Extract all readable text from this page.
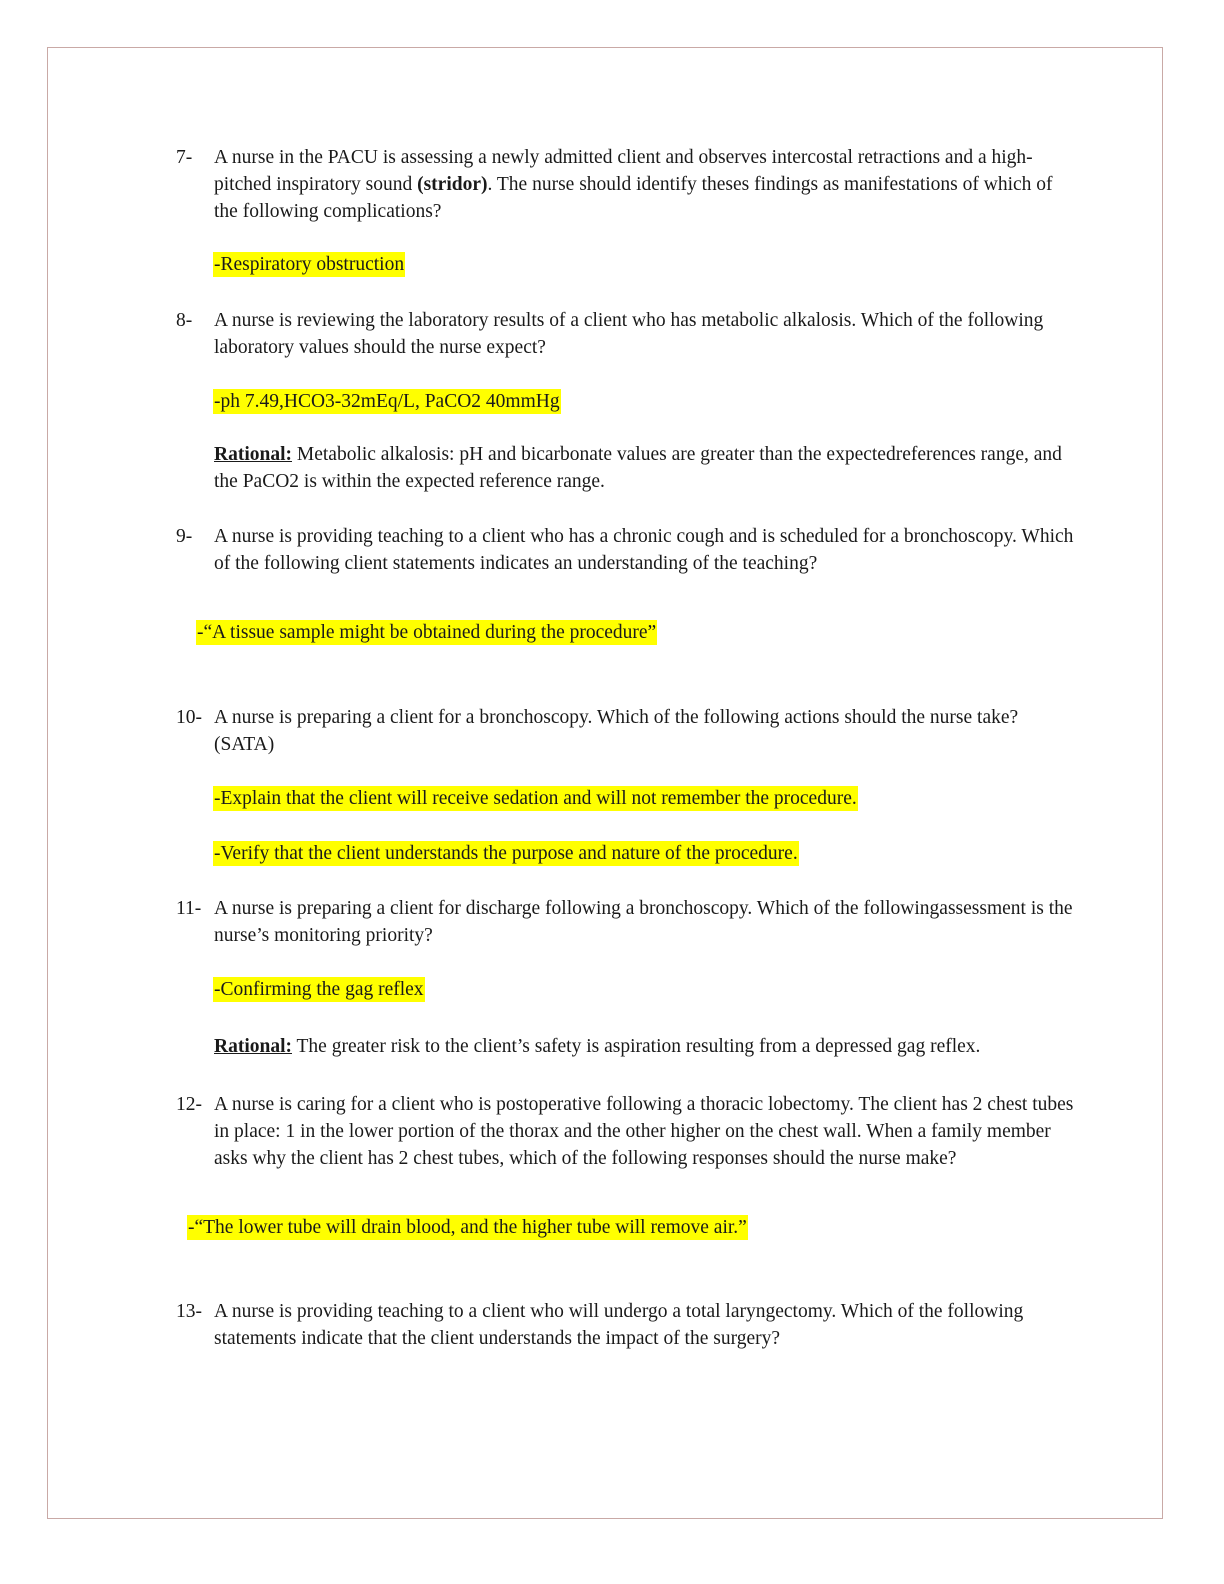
7- A nurse in the PACU is assessing a newly admitted client and observes intercostal retractions and a high-pitched inspiratory sound (stridor). The nurse should identify theses findings as manifestations of which of the following complications?
-Respiratory obstruction
8- A nurse is reviewing the laboratory results of a client who has metabolic alkalosis. Which of the following laboratory values should the nurse expect?
-ph 7.49,HCO3-32mEq/L, PaCO2 40mmHg
Rational: Metabolic alkalosis: pH and bicarbonate values are greater than the expectedreferences range, and the PaCO2 is within the expected reference range.
9- A nurse is providing teaching to a client who has a chronic cough and is scheduled for a bronchoscopy. Which of the following client statements indicates an understanding of the teaching?
-“A tissue sample might be obtained during the procedure”
10- A nurse is preparing a client for a bronchoscopy. Which of the following actions should the nurse take? (SATA)
-Explain that the client will receive sedation and will not remember the procedure.
-Verify that the client understands the purpose and nature of the procedure.
11- A nurse is preparing a client for discharge following a bronchoscopy. Which of the followingassessment is the nurse’s monitoring priority?
-Confirming the gag reflex
Rational: The greater risk to the client’s safety is aspiration resulting from a depressed gag reflex.
12- A nurse is caring for a client who is postoperative following a thoracic lobectomy. The client has 2 chest tubes in place: 1 in the lower portion of the thorax and the other higher on the chest wall. When a family member asks why the client has 2 chest tubes, which of the following responses should the nurse make?
-“The lower tube will drain blood, and the higher tube will remove air.”
13- A nurse is providing teaching to a client who will undergo a total laryngectomy. Which of the following statements indicate that the client understands the impact of the surgery?
